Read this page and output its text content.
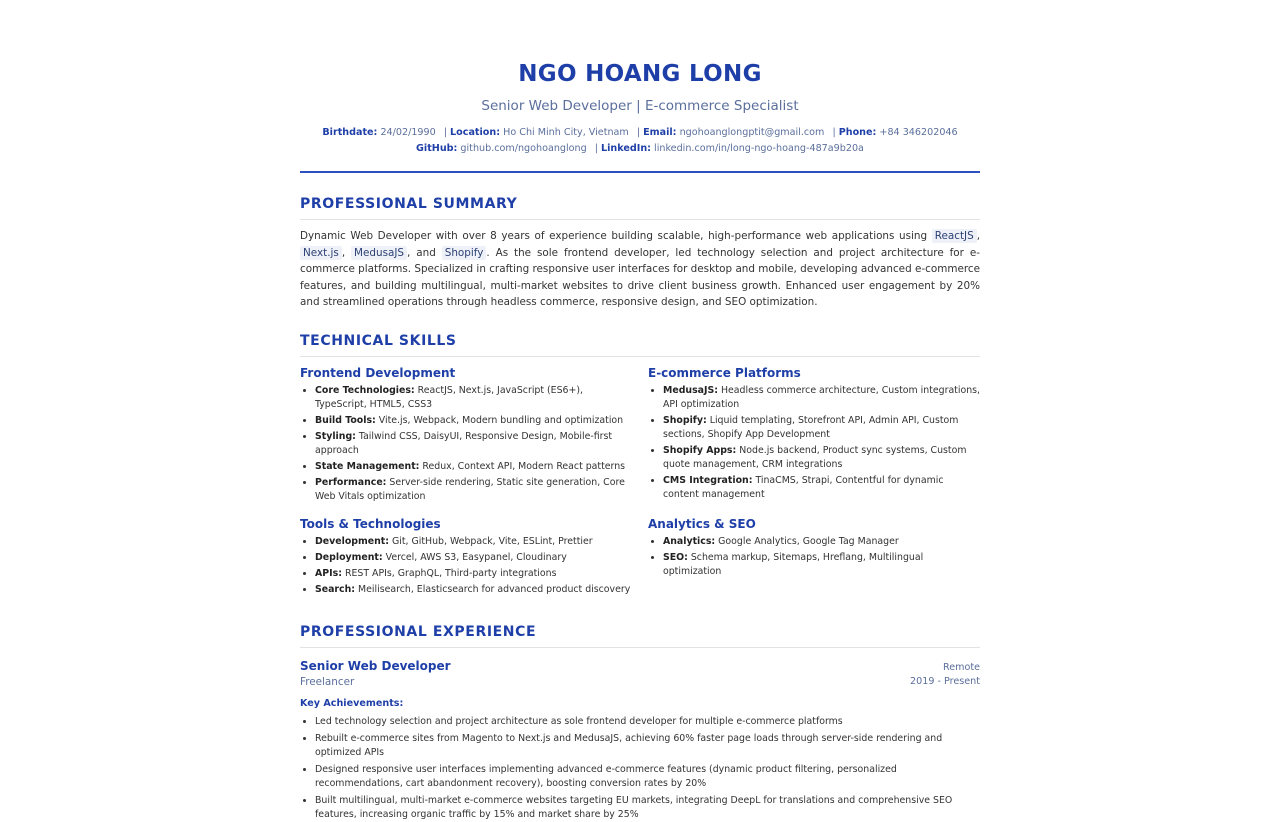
NGO HOANG LONG
Senior Web Developer | E-commerce Specialist
Birthdate: 24/02/1990 | Location: Ho Chi Minh City, Vietnam | Email: ngohoanglongptit@gmail.com | Phone: +84 346202046
GitHub: github.com/ngohoanglong | LinkedIn: linkedin.com/in/long-ngo-hoang-487a9b20a
PROFESSIONAL SUMMARY

Dynamic Web Developer with over 8 years of experience building scalable, high-performance web applications using ReactJS , Next.js , MedusaJS , and Shopify . As the sole frontend developer, led technology selection and project architecture for e-commerce platforms. Specialized in crafting responsive user interfaces for desktop and mobile, developing advanced e-commerce features, and building multilingual, multi-market websites to drive client business growth. Enhanced user engagement by 20% and streamlined operations through headless commerce, responsive design, and SEO optimization.

TECHNICAL SKILLS
Frontend Development
• Core Technologies: ReactJS, Next.js, JavaScript (ES6+), TypeScript, HTML5, CSS3
• Build Tools: Vite.js, Webpack, Modern bundling and optimization
• Styling: Tailwind CSS, DaisyUI, Responsive Design, Mobile-first approach
• State Management: Redux, Context API, Modern React patterns
• Performance: Server-side rendering, Static site generation, Core Web Vitals optimization
E-commerce Platforms
• MedusaJS: Headless commerce architecture, Custom integrations, API optimization
• Shopify: Liquid templating, Storefront API, Admin API, Custom sections, Shopify App Development
• Shopify Apps: Node.js backend, Product sync systems, Custom quote management, CRM integrations
• CMS Integration: TinaCMS, Strapi, Contentful for dynamic content management
Tools & Technologies
• Development: Git, GitHub, Webpack, Vite, ESLint, Prettier
• Deployment: Vercel, AWS S3, Easypanel, Cloudinary
• APIs: REST APIs, GraphQL, Third-party integrations
• Search: Meilisearch, Elasticsearch for advanced product discovery
Analytics & SEO
• Analytics: Google Analytics, Google Tag Manager
• SEO: Schema markup, Sitemaps, Hreflang, Multilingual optimization
PROFESSIONAL EXPERIENCE
Senior Web Developer
Freelancer
Remote
2019 - Present
Key Achievements:
• Led technology selection and project architecture as sole frontend developer for multiple e-commerce platforms
• Rebuilt e-commerce sites from Magento to Next.js and MedusaJS, achieving 60% faster page loads through server-side rendering and optimized APIs
• Designed responsive user interfaces implementing advanced e-commerce features (dynamic product filtering, personalized recommendations, cart abandonment recovery), boosting conversion rates by 20%
• Built multilingual, multi-market e-commerce websites targeting EU markets, integrating DeepL for translations and comprehensive SEO features, increasing organic traffic by 15% and market share by 25%
